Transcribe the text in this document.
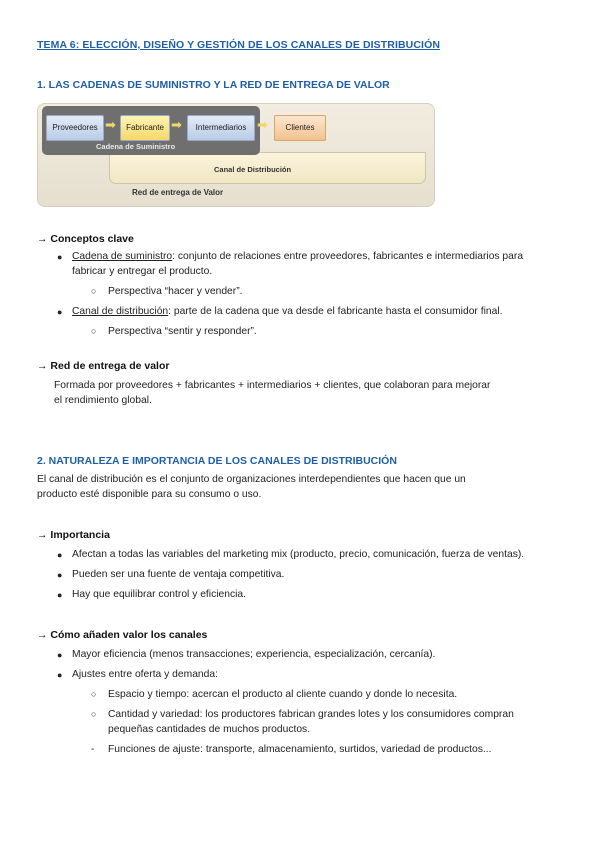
TEMA 6: ELECCIÓN, DISEÑO Y GESTIÓN DE LOS CANALES DE DISTRIBUCIÓN
1. LAS CADENAS DE SUMINISTRO Y LA RED DE ENTREGA DE VALOR
Proveedores ➡	Fabricante ➡	Intermediarios ➡	Clientes
Cadena de Suministro
Canal de Distribución
Red de entrega de Valor
→ Conceptos clave
● Cadena de suministro: conjunto de relaciones entre proveedores, fabricantes e intermediarios para
fabricar y entregar el producto.
○ Perspectiva “hacer y vender”.
● Canal de distribución: parte de la cadena que va desde el fabricante hasta el consumidor final.
○ Perspectiva “sentir y responder”.
→ Red de entrega de valor
Formada por proveedores + fabricantes + intermediarios + clientes, que colaboran para mejorar
el rendimiento global.
2. NATURALEZA E IMPORTANCIA DE LOS CANALES DE DISTRIBUCIÓN
El canal de distribución es el conjunto de organizaciones interdependientes que hacen que un
producto esté disponible para su consumo o uso.
→ Importancia
● Afectan a todas las variables del marketing mix (producto, precio, comunicación, fuerza de ventas).
● Pueden ser una fuente de ventaja competitiva.
● Hay que equilibrar control y eficiencia.
→ Cómo añaden valor los canales
● Mayor eficiencia (menos transacciones; experiencia, especialización, cercanía).
● Ajustes entre oferta y demanda:
○ Espacio y tiempo: acercan el producto al cliente cuando y donde lo necesita.
○ Cantidad y variedad: los productores fabrican grandes lotes y los consumidores compran
pequeñas cantidades de muchos productos.
- Funciones de ajuste: transporte, almacenamiento, surtidos, variedad de productos...
